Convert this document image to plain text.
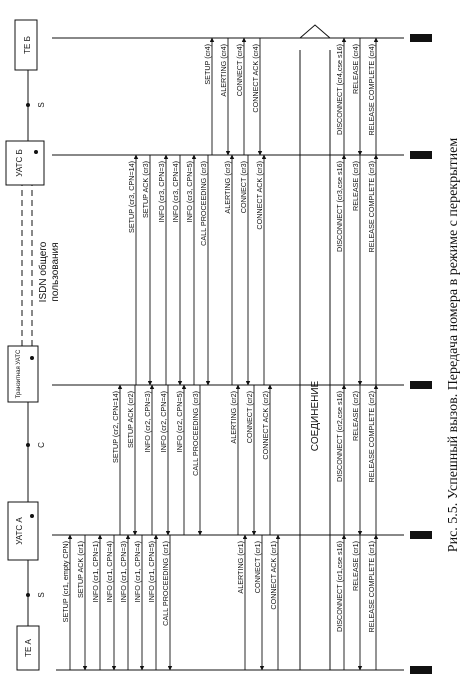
ТЕ А
УАТС А
Транзитная УАТС
УАТС Б
ТЕ Б
S
C
S
ISDN общего пользования
SETUP (cr1, empty CPN) SETUP ACK (cr1) INFO (cr1, CPN=1) INFO (cr1, CPN=4) INFO (cr1, CPN=3) INFO (cr1, CPN=4) INFO (cr1, CPN=5) CALL PROCEEDING (cr1)	ALERTING (cr1) CONNECT (cr1) CONNECT ACK (cr1)	DISCONNECT (cr1,cse s16) RELEASE (cr1) RELEASE COMPLETE (cr1)
SETUP (cr2, CPN=14) SETUP ACK (cr2) INFO (cr2, CPN=3) INFO (cr2, CPN=4) INFO (cr2, CPN=5) CALL PROCEEDING (cr3)	ALERTING (cr2) CONNECT (cr2) CONNECT ACK (cr2)	DISCONNECT (cr2,cse s16) RELEASE (cr2) RELEASE COMPLETE (cr2)
SETUP (cr3, CPN=14) SETUP ACK (cr3) INFO (cr3, CPN=3) INFO (cr3, CPN=4) INFO (cr3, CPN=5) CALL PROCEEDING (cr3) ALERTING (cr3) CONNECT (cr3) CONNECT ACK (cr3)	DISCONNECT (cr3,cse s16) RELEASE (cr3) RELEASE COMPLETE (cr3)
SETUP (cr4) ALERTING (cr4) CONNECT (cr4) CONNECT ACK (cr4)	DISCONNECT (cr4,cse s16) RELEASE (cr4) RELEASE COMPLETE (cr4)
СОЕДИНЕНИЕ	Рис. 5.5. Успешный вызов. Передача номера в режиме с перекрытием
